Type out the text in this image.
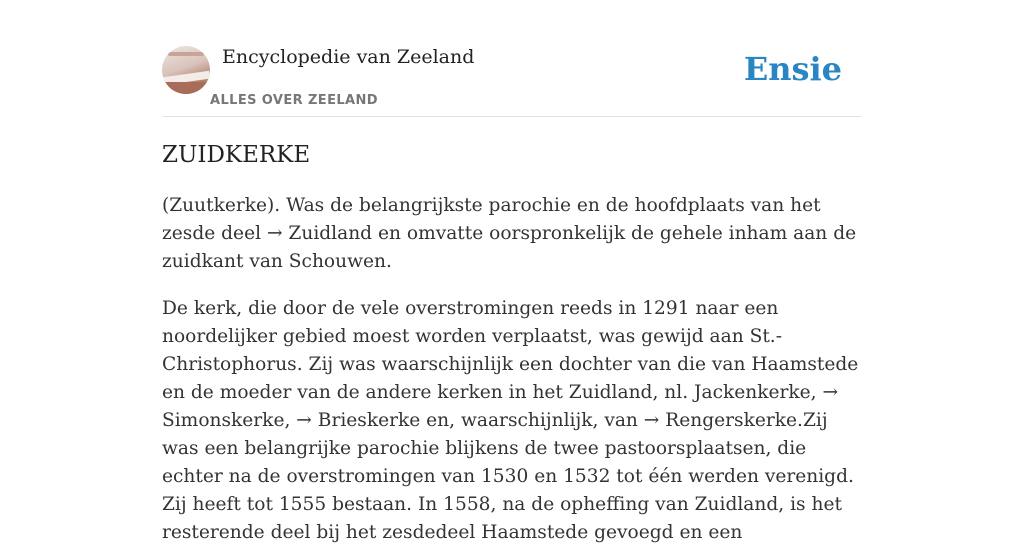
Encyclopedie van Zeeland
ALLES OVER ZEELAND
Ensie
ZUIDKERKE

(Zuutkerke). Was de belangrijkste parochie en de hoofdplaats van het zesde deel → Zuidland en omvatte oorspronkelijk de gehele inham aan de zuidkant van Schouwen.

De kerk, die door de vele overstromingen reeds in 1291 naar een noordelijker gebied moest worden verplaatst, was gewijd aan St.-Christophorus. Zij was waarschijnlijk een dochter van die van Haamstede en de moeder van de andere kerken in het Zuidland, nl. Jackenkerke, → Simonskerke, → Brieskerke en, waarschijnlijk, van → Rengerskerke.Zij was een belangrijke parochie blijkens de twee pastoorsplaatsen, die echter na de overstromingen van 1530 en 1532 tot één werden verenigd. Zij heeft tot 1555 bestaan. In 1558, na de opheffing van Zuidland, is het resterende deel bij het zesdedeel Haamstede gevoegd en een
